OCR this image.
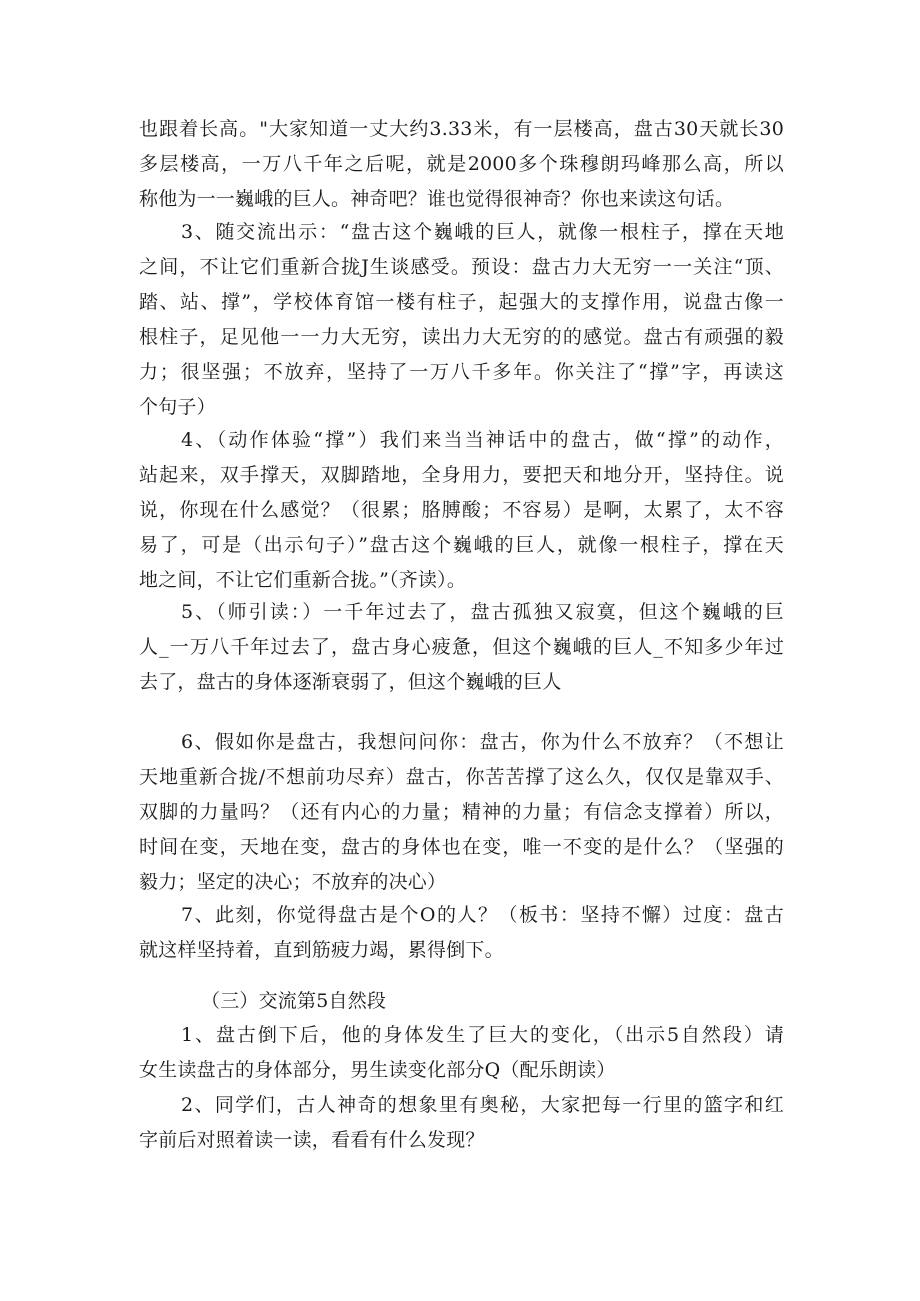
也跟着长高。"大家知道一丈大约3.33米，有一层楼高，盘古30天就长30
多层楼高，一万八千年之后呢，就是2000多个珠穆朗玛峰那么高，所以
称他为一一巍峨的巨人。神奇吧？谁也觉得很神奇？你也来读这句话。
3、随交流出示：“盘古这个巍峨的巨人，就像一根柱子，撑在天地
之间，不让它们重新合拢J生谈感受。预设：盘古力大无穷一一关注“顶、
踏、站、撑”，学校体育馆一楼有柱子，起强大的支撑作用，说盘古像一
根柱子，足见他一一力大无穷，读出力大无穷的的感觉。盘古有顽强的毅
力；很坚强；不放弃，坚持了一万八千多年。你关注了“撑”字，再读这
个句子）
4、（动作体验“撑”）我们来当当神话中的盘古，做“撑”的动作，
站起来，双手撑天，双脚踏地，全身用力，要把天和地分开，坚持住。说
说，你现在什么感觉？（很累；胳膊酸；不容易）是啊，太累了，太不容
易了，可是（出示句子）”盘古这个巍峨的巨人，就像一根柱子，撑在天
地之间，不让它们重新合拢。”（齐读）。
5、（师引读：）一千年过去了，盘古孤独又寂寞，但这个巍峨的巨
人_一万八千年过去了，盘古身心疲惫，但这个巍峨的巨人_不知多少年过
去了，盘古的身体逐渐衰弱了，但这个巍峨的巨人
6、假如你是盘古，我想问问你：盘古，你为什么不放弃？（不想让
天地重新合拢/不想前功尽弃）盘古，你苦苦撑了这么久，仅仅是靠双手、
双脚的力量吗？（还有内心的力量；精神的力量；有信念支撑着）所以，
时间在变，天地在变，盘古的身体也在变，唯一不变的是什么？（坚强的
毅力；坚定的决心；不放弃的决心）
7、此刻，你觉得盘古是个O的人？（板书：坚持不懈）过度：盘古
就这样坚持着，直到筋疲力竭，累得倒下。
（三）交流第5自然段
1、盘古倒下后，他的身体发生了巨大的变化，（出示5自然段）请
女生读盘古的身体部分，男生读变化部分Q（配乐朗读）
2、同学们，古人神奇的想象里有奥秘，大家把每一行里的篮字和红
字前后对照着读一读，看看有什么发现？
